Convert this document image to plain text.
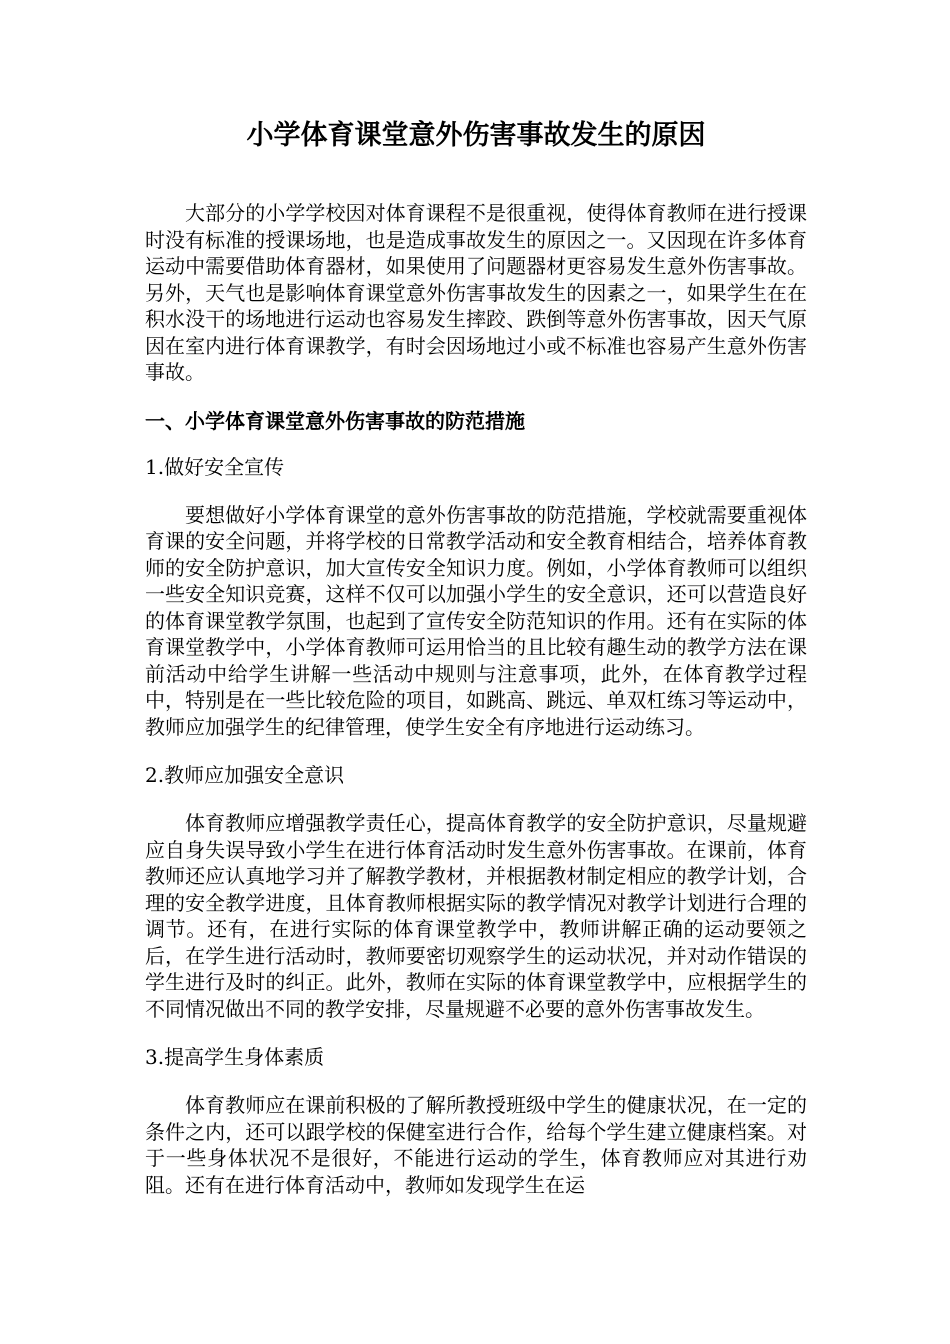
小学体育课堂意外伤害事故发生的原因

大部分的小学学校因对体育课程不是很重视，使得体育教师在进行授课时没有标准的授课场地，也是造成事故发生的原因之一。又因现在许多体育运动中需要借助体育器材，如果使用了问题器材更容易发生意外伤害事故。另外，天气也是影响体育课堂意外伤害事故发生的因素之一，如果学生在在积水没干的场地进行运动也容易发生摔跤、跌倒等意外伤害事故，因天气原因在室内进行体育课教学，有时会因场地过小或不标准也容易产生意外伤害事故。

一、小学体育课堂意外伤害事故的防范措施
1.做好安全宣传

要想做好小学体育课堂的意外伤害事故的防范措施，学校就需要重视体育课的安全问题，并将学校的日常教学活动和安全教育相结合，培养体育教师的安全防护意识，加大宣传安全知识力度。例如，小学体育教师可以组织一些安全知识竞赛，这样不仅可以加强小学生的安全意识，还可以营造良好的体育课堂教学氛围，也起到了宣传安全防范知识的作用。还有在实际的体育课堂教学中，小学体育教师可运用恰当的且比较有趣生动的教学方法在课前活动中给学生讲解一些活动中规则与注意事项，此外，在体育教学过程中，特别是在一些比较危险的项目，如跳高、跳远、单双杠练习等运动中，教师应加强学生的纪律管理，使学生安全有序地进行运动练习。

2.教师应加强安全意识

体育教师应增强教学责任心，提高体育教学的安全防护意识，尽量规避应自身失误导致小学生在进行体育活动时发生意外伤害事故。在课前，体育教师还应认真地学习并了解教学教材，并根据教材制定相应的教学计划，合理的安全教学进度，且体育教师根据实际的教学情况对教学计划进行合理的调节。还有，在进行实际的体育课堂教学中，教师讲解正确的运动要领之后，在学生进行活动时，教师要密切观察学生的运动状况，并对动作错误的学生进行及时的纠正。此外，教师在实际的体育课堂教学中，应根据学生的不同情况做出不同的教学安排，尽量规避不必要的意外伤害事故发生。

3.提高学生身体素质

体育教师应在课前积极的了解所教授班级中学生的健康状况，在一定的条件之内，还可以跟学校的保健室进行合作，给每个学生建立健康档案。对于一些身体状况不是很好，不能进行运动的学生，体育教师应对其进行劝阻。还有在进行体育活动中，教师如发现学生在运
